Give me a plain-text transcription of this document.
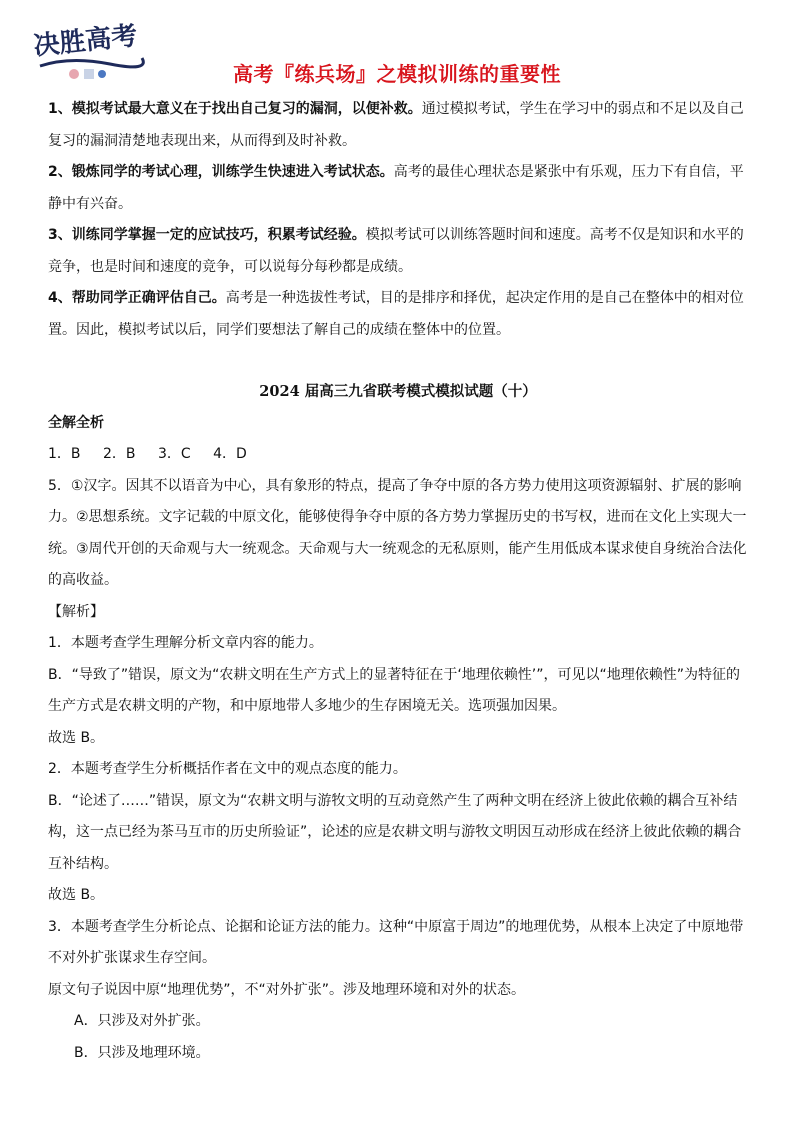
决胜高考
高考『练兵场』之模拟训练的重要性

1、模拟考试最大意义在于找出自己复习的漏洞，以便补救。通过模拟考试，学生在学习中的弱点和不足以及自己复习的漏洞清楚地表现出来，从而得到及时补救。

2、锻炼同学的考试心理，训练学生快速进入考试状态。高考的最佳心理状态是紧张中有乐观，压力下有自信，平静中有兴奋。

3、训练同学掌握一定的应试技巧，积累考试经验。模拟考试可以训练答题时间和速度。高考不仅是知识和水平的竞争，也是时间和速度的竞争，可以说每分每秒都是成绩。

4、帮助同学正确评估自己。高考是一种选拔性考试，目的是排序和择优，起决定作用的是自己在整体中的相对位置。因此，模拟考试以后，同学们要想法了解自己的成绩在整体中的位置。

2024 届高三九省联考模式模拟试题（十）

全解全析

1．B 2．B 3．C 4．D

5．①汉字。因其不以语音为中心，具有象形的特点，提高了争夺中原的各方势力使用这项资源辐射、扩展的影响力。②思想系统。文字记载的中原文化，能够使得争夺中原的各方势力掌握历史的书写权，进而在文化上实现大一统。③周代开创的天命观与大一统观念。天命观与大一统观念的无私原则，能产生用低成本谋求使自身统治合法化的高收益。

【解析】

1．本题考查学生理解分析文章内容的能力。

B．“导致了”错误，原文为“农耕文明在生产方式上的显著特征在于‘地理依赖性’”，可见以“地理依赖性”为特征的生产方式是农耕文明的产物，和中原地带人多地少的生存困境无关。选项强加因果。

故选 B。

2．本题考查学生分析概括作者在文中的观点态度的能力。

B．“论述了……”错误，原文为“农耕文明与游牧文明的互动竟然产生了两种文明在经济上彼此依赖的耦合互补结构，这一点已经为茶马互市的历史所验证”，论述的应是农耕文明与游牧文明因互动形成在经济上彼此依赖的耦合互补结构。

故选 B。

3．本题考查学生分析论点、论据和论证方法的能力。这种“中原富于周边”的地理优势，从根本上决定了中原地带不对外扩张谋求生存空间。

原文句子说因中原“地理优势”，不“对外扩张”。涉及地理环境和对外的状态。

A．只涉及对外扩张。

B．只涉及地理环境。
